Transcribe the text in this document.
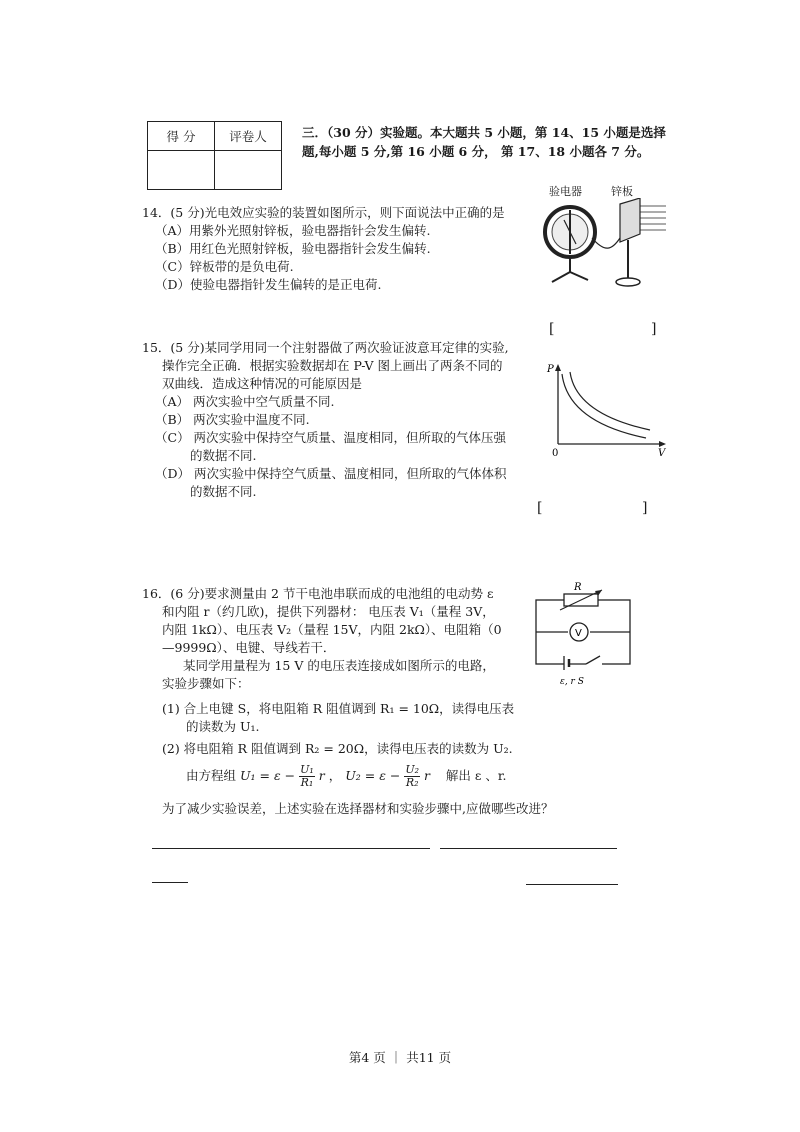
得 分	评卷人
		三．（30 分）实验题。本大题共 5 小题，第 14、15 小题是选择
题,每小题 5 分,第 16 小题 6 分， 第 17、18 小题各 7 分。
14．(5 分)光电效应实验的装置如图所示，则下面说法中正确的是
（A）用紫外光照射锌板，验电器指针会发生偏转.
（B）用红色光照射锌板，验电器指针会发生偏转.
（C）锌板带的是负电荷.
（D）使验电器指针发生偏转的是正电荷.
验电器	锌板
[	]
15．(5 分)某同学用同一个注射器做了两次验证波意耳定律的实验,
操作完全正确．根据实验数据却在 P-V 图上画出了两条不同的
双曲线．造成这种情况的可能原因是
（A） 两次实验中空气质量不同.
（B） 两次实验中温度不同.
（C） 两次实验中保持空气质量、温度相同，但所取的气体压强
的数据不同.
（D） 两次实验中保持空气质量、温度相同，但所取的气体体积
的数据不同.
P
V
0
[	]
16．(6 分)要求测量由 2 节干电池串联而成的电池组的电动势 ε
和内阻 r（约几欧)，提供下列器材： 电压表 V₁（量程 3V，
内阻 1kΩ）、电压表 V₂（量程 15V，内阻 2kΩ）、电阻箱（0
—9999Ω）、电键、导线若干．
某同学用量程为 15 V 的电压表连接成如图所示的电路，
实验步骤如下：
(1) 合上电键 S，将电阻箱 R 阻值调到 R₁ = 10Ω，读得电压表
的读数为 U₁.
(2) 将电阻箱 R 阻值调到 R₂ = 20Ω，读得电压表的读数为 U₂.
由方程组 $U_1 = \varepsilon - \frac{\text{U₁}}{\text{R₁}}$ r ， $U_2 = \varepsilon - \frac{\text{U₂}}{\text{R₂}}$ r 解出 ε 、r.
为了减少实验误差，上述实验在选择器材和实验步骤中,应做哪些改进？
R
V
ε, r S
第4 页 ｜ 共11 页
